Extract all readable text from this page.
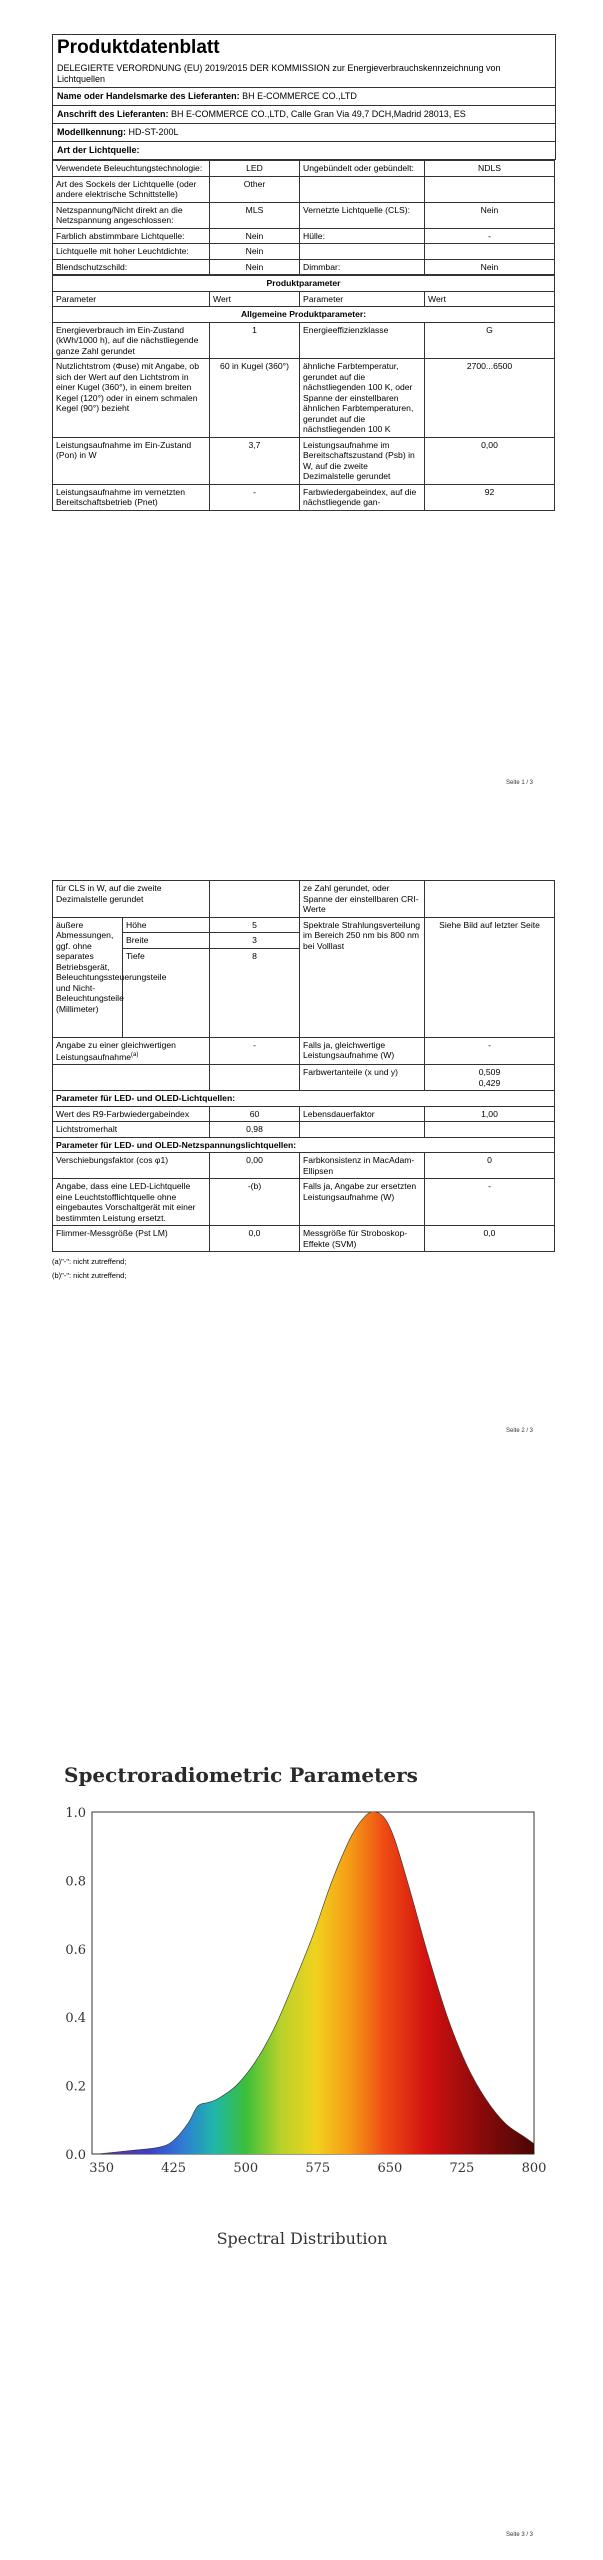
Produktdatenblatt
DELEGIERTE VERORDNUNG (EU) 2019/2015 DER KOMMISSION zur Energieverbrauchskennzeichnung von Lichtquellen
Name oder Handelsmarke des Lieferanten: BH E-COMMERCE CO.,LTD
Anschrift des Lieferanten: BH E-COMMERCE CO.,LTD, Calle Gran Via 49,7 DCH,Madrid 28013, ES
Modellkennung: HD-ST-200L
Art der Lichtquelle:
Verwendete Beleuchtungstechnologie:	LED	Ungebündelt oder gebündelt:	NDLS
Art des Sockels der Lichtquelle (oder andere elektrische Schnittstelle)	Other		
Netzspannung/Nicht direkt an die Netzspannung angeschlossen:	MLS	Vernetzte Lichtquelle (CLS):	Nein
Farblich abstimmbare Lichtquelle:	Nein	Hülle:	-
Lichtquelle mit hoher Leuchtdichte:	Nein		
Blendschutzschild:	Nein	Dimmbar:	Nein
Produktparameter			
Parameter	Wert	Parameter	Wert
Allgemeine Produktparameter:			
Energieverbrauch im Ein-Zustand (kWh/1000 h), auf die nächstliegende ganze Zahl gerundet	1	Energieeffizienzklasse	G
Nutzlichtstrom (Φuse) mit Angabe, ob sich der Wert auf den Lichtstrom in einer Kugel (360°), in einem breiten Kegel (120°) oder in einem schmalen Kegel (90°) bezieht	60 in Kugel (360°)	ähnliche Farbtemperatur, gerundet auf die nächstliegenden 100 K, oder Spanne der einstellbaren ähnlichen Farbtemperaturen, gerundet auf die nächstliegenden 100 K	2700...6500
Leistungsaufnahme im Ein-Zustand (Pon) in W	3,7	Leistungsaufnahme im Bereitschaftszustand (Psb) in W, auf die zweite Dezimalstelle gerundet	0,00
Leistungsaufnahme im vernetzten Bereitschaftsbetrieb (Pnet)	-	Farbwiedergabeindex, auf die nächstliegende gan-	92
Seite 1 / 3
für CLS in W, auf die zweite Dezimalstelle gerundet			ze Zahl gerundet, oder Spanne der einstellbaren CRI-Werte	
äußere Abmessungen, ggf. ohne separates Betriebsgerät, Beleuchtungssteuerungsteile und Nicht-Beleuchtungsteile (Millimeter)	Höhe	5	Spektrale Strahlungsverteilung im Bereich 250 nm bis 800 nm bei Volllast	Siehe Bild auf letzter Seite
	Breite	3		
	Tiefe	8		
Angabe zu einer gleichwertigen Leistungsaufnahme$^{(a)}$		-	Falls ja, gleichwertige Leistungsaufnahme (W)	-
			Farbwertanteile (x und y)	0,509
0,429

Parameter für LED- und OLED-Lichtquellen:				
Wert des R9-Farbwiedergabeindex		60	Lebensdauerfaktor	1,00
Lichtstromerhalt		0,98		
Parameter für LED- und OLED-Netzspannungslichtquellen:				
Verschiebungsfaktor (cos φ1)		0,00	Farbkonsistenz in MacAdam-Ellipsen	0
Angabe, dass eine LED-Lichtquelle eine Leuchtstofflichtquelle ohne eingebautes Vorschaltgerät mit einer bestimmten Leistung ersetzt.		-(b)	Falls ja, Angabe zur ersetzten Leistungsaufnahme (W)	-
Flimmer-Messgröße (Pst LM)		0,0	Messgröße für Stroboskop-Effekte (SVM)	0,0
(a)"-": nicht zutreffend;
(b)"-": nicht zutreffend;
Seite 2 / 3
Spectroradiometric Parameters
0.0
0.2
0.4
0.6
0.8
1.0
350	425	500	575	650	725	800
Spectral Distribution
Seite 3 / 3
